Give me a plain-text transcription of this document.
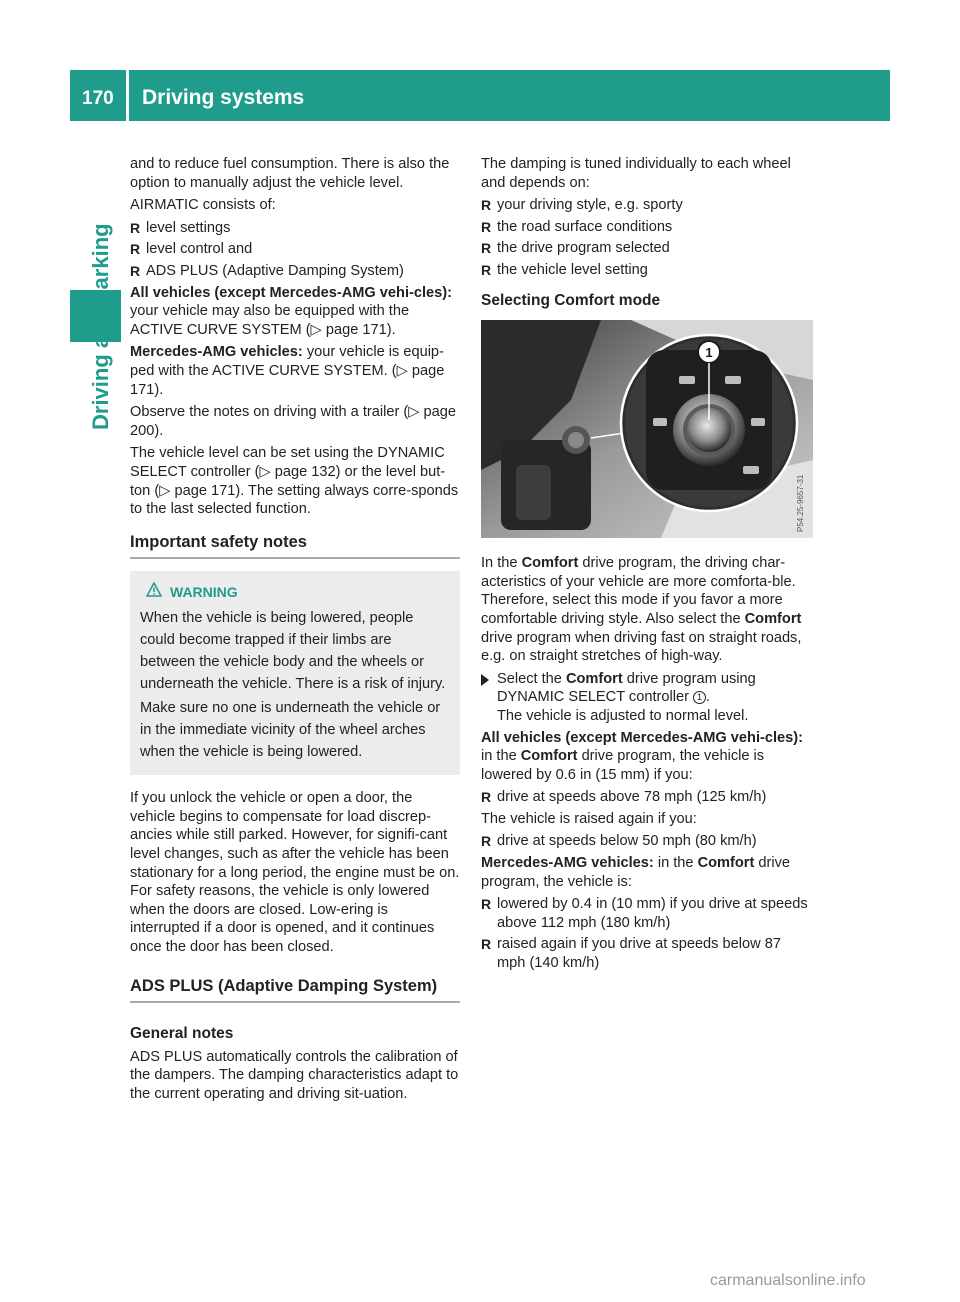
170 Driving systems

and to reduce fuel consumption. There is also the option to manually adjust the vehicle level.

AIRMATIC consists of:

R level settings
R level control and
R ADS PLUS (Adaptive Damping System)

All vehicles (except Mercedes-AMG vehi-cles): your vehicle may also be equipped with the ACTIVE CURVE SYSTEM (▷ page 171).

Mercedes-AMG vehicles: your vehicle is equip-ped with the ACTIVE CURVE SYSTEM. (▷ page 171).

Observe the notes on driving with a trailer (▷ page 200).

The vehicle level can be set using the DYNAMIC SELECT controller (▷ page 132) or the level but-ton (▷ page 171). The setting always corre-sponds to the last selected function.

Important safety notes
WARNING

When the vehicle is being lowered, people could become trapped if their limbs are between the vehicle body and the wheels or underneath the vehicle. There is a risk of injury.

Make sure no one is underneath the vehicle or in the immediate vicinity of the wheel arches when the vehicle is being lowered.

If you unlock the vehicle or open a door, the vehicle begins to compensate for load discrep-ancies while still parked. However, for signifi-cant level changes, such as after the vehicle has been stationary for a long period, the engine must be on. For safety reasons, the vehicle is only lowered when the doors are closed. Low-ering is interrupted if a door is opened, and it continues once the door has been closed.

ADS PLUS (Adaptive Damping System)
General notes

ADS PLUS automatically controls the calibration of the dampers. The damping characteristics adapt to the current operating and driving sit-uation.

The damping is tuned individually to each wheel and depends on:

R your driving style, e.g. sporty
R the road surface conditions
R the drive program selected
R the vehicle level setting
Selecting Comfort mode
1
P54.25-9657-31

In the Comfort drive program, the driving char-acteristics of your vehicle are more comforta-ble. Therefore, select this mode if you favor a more comfortable driving style. Also select the Comfort drive program when driving fast on straight roads, e.g. on straight stretches of high-way.

Select the Comfort drive program using DYNAMIC SELECT controller 1 .
The vehicle is adjusted to normal level.

All vehicles (except Mercedes-AMG vehi-cles): in the Comfort drive program, the vehicle is lowered by 0.6 in (15 mm) if you:

R drive at speeds above 78 mph (125 km/h)

The vehicle is raised again if you:

R drive at speeds below 50 mph (80 km/h)

Mercedes-AMG vehicles: in the Comfort drive program, the vehicle is:

R lowered by 0.4 in (10 mm) if you drive at speeds above 112 mph (180 km/h)
R raised again if you drive at speeds below 87 mph (140 km/h)
carmanualsonline.info
